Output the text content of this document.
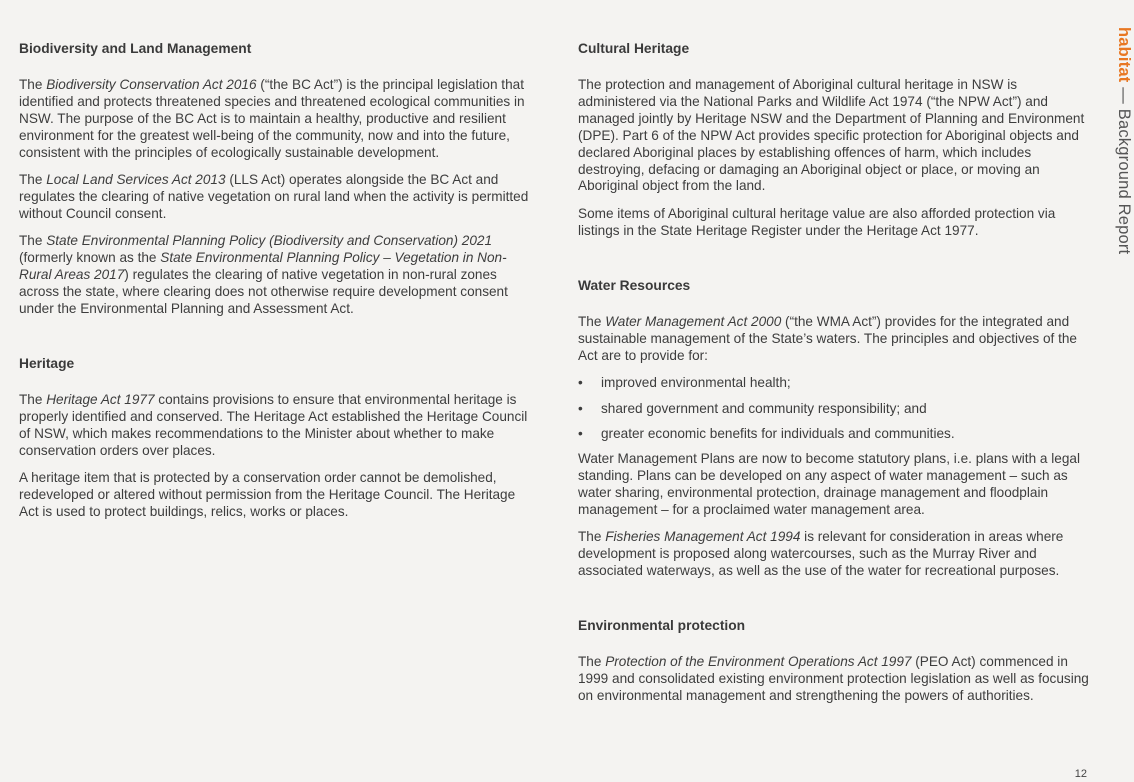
Biodiversity and Land Management

The Biodiversity Conservation Act 2016 (“the BC Act”) is the principal legislation that identified and protects threatened species and threatened ecological communities in NSW. The purpose of the BC Act is to maintain a healthy, productive and resilient environment for the greatest well-being of the community, now and into the future, consistent with the principles of ecologically sustainable development.

The Local Land Services Act 2013 (LLS Act) operates alongside the BC Act and regulates the clearing of native vegetation on rural land when the activity is permitted without Council consent.

The State Environmental Planning Policy (Biodiversity and Conservation) 2021 (formerly known as the State Environmental Planning Policy – Vegetation in Non-Rural Areas 2017) regulates the clearing of native vegetation in non-rural zones across the state, where clearing does not otherwise require development consent under the Environmental Planning and Assessment Act.

Heritage

The Heritage Act 1977 contains provisions to ensure that environmental heritage is properly identified and conserved. The Heritage Act established the Heritage Council of NSW, which makes recommendations to the Minister about whether to make conservation orders over places.

A heritage item that is protected by a conservation order cannot be demolished, redeveloped or altered without permission from the Heritage Council. The Heritage Act is used to protect buildings, relics, works or places.

Cultural Heritage

The protection and management of Aboriginal cultural heritage in NSW is administered via the National Parks and Wildlife Act 1974 (“the NPW Act”) and managed jointly by Heritage NSW and the Department of Planning and Environment (DPE). Part 6 of the NPW Act provides specific protection for Aboriginal objects and declared Aboriginal places by establishing offences of harm, which includes destroying, defacing or damaging an Aboriginal object or place, or moving an Aboriginal object from the land.

Some items of Aboriginal cultural heritage value are also afforded protection via listings in the State Heritage Register under the Heritage Act 1977.

Water Resources

The Water Management Act 2000 (“the WMA Act”) provides for the integrated and sustainable management of the State’s waters. The principles and objectives of the Act are to provide for:

• improved environmental health;
• shared government and community responsibility; and
• greater economic benefits for individuals and communities.

Water Management Plans are now to become statutory plans, i.e. plans with a legal standing. Plans can be developed on any aspect of water management – such as water sharing, environmental protection, drainage management and floodplain management – for a proclaimed water management area.

The Fisheries Management Act 1994 is relevant for consideration in areas where development is proposed along watercourses, such as the Murray River and associated waterways, as well as the use of the water for recreational purposes.

Environmental protection

The Protection of the Environment Operations Act 1997 (PEO Act) commenced in 1999 and consolidated existing environment protection legislation as well as focusing on environmental management and strengthening the powers of authorities.

habitat — Background Report
12
